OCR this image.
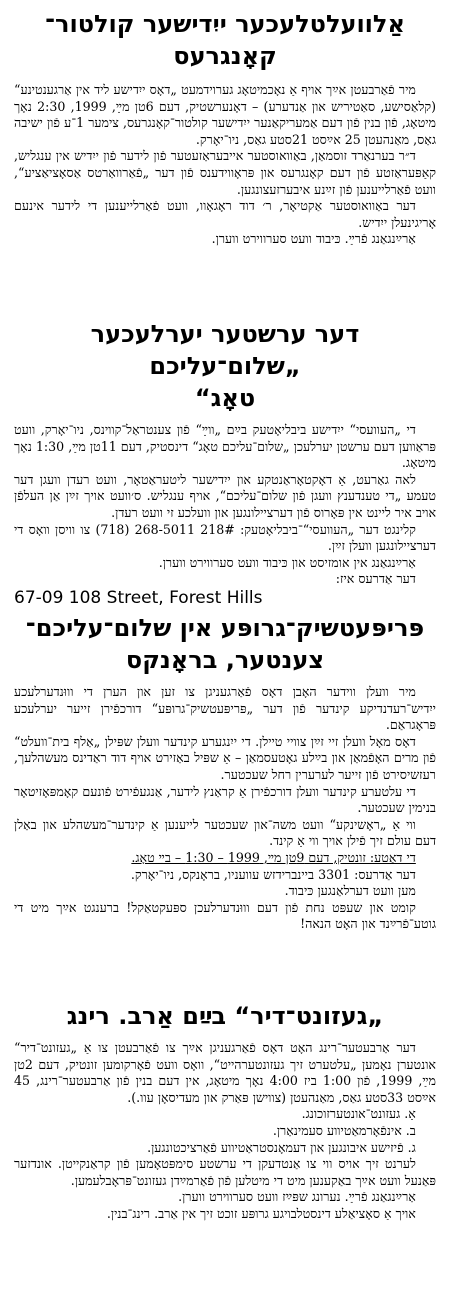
אַלוועלטלעכער ייִדישער קולטור־
קאָנגרעס

מיר פֿאַרבעטן אײַך אויף אַ נאָכמיטאָג גערוידמעט „דאָס ייִדישע ליד אין אַרגענטינע“ (קלאַסישע, סאַטיריש און אַנדערע) – דאָנערשטיק, דעם 6טן מײַ, 1999, 2:30 נאָך מיטאָג, פֿון בנין פֿון דעם אַמעריקאַנער ייִדישער קולטור־קאָנגרעס, צימער 1־ע פֿון ישיבה גאַס, מאַנהעטן 25 אײַסט 21סטע גאַס, ניו־יאָרק.

ד״ר בערנאַרד זוסמאַן, באַוואוסטער אייבעראַזעטער פֿון לידער פֿון ייִדיש אין ענגליש, קאַפּעראַזטע פֿון דעם קאָנגרעס און פּראָווידענס פֿון דער „פֿאַרוואַרטס אַסאָציאַציע“, וועט פֿאַרלייענען פֿון זײַנע איבערזעצונגען.

דער באַוואוסטער אַקטיאָר, ר׳ דוד ראָגאָוו, וועט פֿאַרלייענען די לידער אינעם אָריגינעלן ייִדיש.

אַרײַנגאַנג פֿרײַ. כּיבוד וועט סערווירט ווערן.

דער ערשטער יערלעכער „שלום־עליכם
טאָג“

די „העוועסי“ ייִדישע ביבליאָטעק בײַם „ווײַ“ פֿון צענטראַל־קווינס, ניו־יאָרק, וועט פּראַווען דעם ערשטן יערלעכן „שלום־עליכם טאָג“ דינסטיק, דעם 11טן מײַ, 1:30 נאָך מיטאָג.

לאה גאַרעט, אַ דאָקטאָראַנטקע און ייִדישער ליטעראַטאָר, וועט רעדן וועגן דער טעמע „די טענדענץ וועגן פֿון שלום־עליכם“, אויף ענגליש. ס׳וועט אויך זײַן אַן העלפֿן אויב איר ליינט אין פּאָרוס פֿון דערציילונגען און וועלכע זי וועט רעדן.

קלינגט דער „העוועסי“־ביבליאָטעק: 218# 268-5011 (718) צו וויסן וואָס די דערציילונגען וועלן זײַן.

אַרײַנגאַנג אין אומזיסט און כּיבוד וועט סערווירט ווערן.

דער אַדרעס איז:

67-09 108 Street, Forest Hills

פּריפּעטשיק־גרופּע אין שלום־עליכם־
צענטער, בראָנקס

מיר וועלן ווידער האָבן דאָס פֿאַרגעניגן צו זען און הערן די וווּנדערלעכע ייִדיש־רעדנדיקע קינדער פֿון דער „פּריפּעטשיק־גרופּע“ דורכפֿירן זייער יערלעכע פּראָגראַם.

דאָס מאָל וועלן זיי זײַן צוויי טיילן. די ייִנגערע קינדער וועלן שפּילן „אַלף בית־וועלט“ פֿון מרים האָפֿמאַן און בײַלע גאָטעסמאַן – אַ שפּיל באַזירט אויף דוד ראַדינס מעשהלעך, רעזשיסירט פֿון זייער לערערין רחל שעכטער.

די עלטערע קינדער וועלן דורכפֿירן אַ קראַנץ לידער, אַנגעפֿירט פֿונעם קאָמפּאָזיטאָר בנימין שעכטער.

ווי אַ „ראָשינקע“ וועט משה־און שעכטער לייענען אַ קינדער־מעשהלע און באַלן דעם עולם זיך פֿילן אויך ווי אַ קינד.

די דאַטע: זונטיק, דעם 9טן מײַ, 1999 – 1:30 – בײַ טאָג.

דער אַדרעס: 3301 ביינברידזש עוועניו, בראָנקס, ניו־יאָרק.

מען וועט דערלאַנגען כּיבוד.

קומט און שעפּט נחת פֿון דעם וווּנדערלעכן ספּעקטאַקל! ברענגט אײַך מיט די גוטע־פֿרײַנד און האָט הנאה!

„געזונט־דיר“ בײַם אַרב. רינג

דער אַרבעטער־רינג האָט דאָס פֿאַרגעניגן אײַך צו פֿאַרבעטן צו אַ „געזונט־דיר“ אונטערן נאָמען „עלטערט זיך געזונטערהייט“, וואָס וועט פֿאָרקומען זונטיק, דעם 2טן מײַ, 1999, פֿון 1:00 ביז 4:00 נאָך מיטאָג, אין דעם בנין פֿון אַרבעטער־רינג, 45 אײַסט 33סטע גאַס, מאַנהעטן (צווישן פּאַרק און מעדיסאָן עוו.).

אַ. געזונט־אונטערזוכונג.

ב. אינפֿאָרמאַטיווע סעמינאַרן.

ג. פֿיזישע איבונגען און דעמאָנסטראַטיווע פֿאַרציכטונגען.

לערנט זיך אויס ווי צו אַנטדעקן די ערשטע סימפּטאָמען פֿון קראַנקייטן. אונדזער פּאַנעל וועט אײַך באַקענען מיט די מיטלען פֿון פֿאַרמײַדן געזונט־פּראָבלעמען.

אַרײַנגאַנג פֿרײַ. נערונג שפּײַז וועט סערווירט ווערן.

אויך אַ סאָציאַלע דינסטלבויגע גרופּע זוכט זיך אין אַרב. רינג־בנין.
